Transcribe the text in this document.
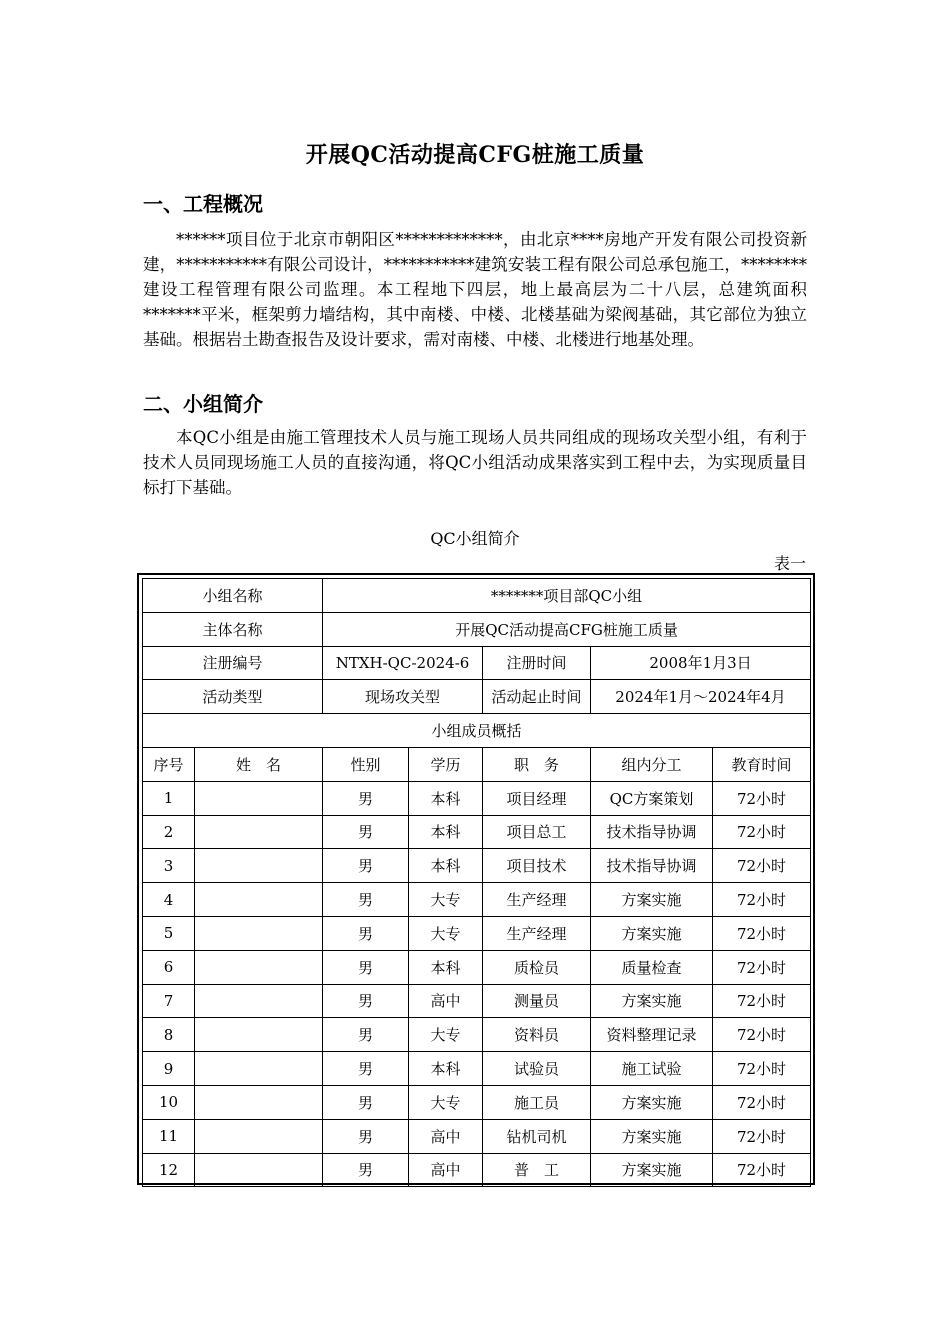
开展QC活动提高CFG桩施工质量
一、工程概况
******项目位于北京市朝阳区*************，由北京****房地产开发有限公司投资新建，***********有限公司设计，***********建筑安装工程有限公司总承包施工，********建设工程管理有限公司监理。本工程地下四层，地上最高层为二十八层，总建筑面积*******平米，框架剪力墙结构，其中南楼、中楼、北楼基础为梁阀基础，其它部位为独立基础。根据岩土勘查报告及设计要求，需对南楼、中楼、北楼进行地基处理。
二、小组简介
本QC小组是由施工管理技术人员与施工现场人员共同组成的现场攻关型小组，有利于技术人员同现场施工人员的直接沟通，将QC小组活动成果落实到工程中去，为实现质量目标打下基础。
QC小组简介
表一
小组名称		*******项目部QC小组				
主体名称		开展QC活动提高CFG桩施工质量				
注册编号		NTXH-QC-2024-6		注册时间	2008年1月3日	
活动类型		现场攻关型		活动起止时间	2024年1月～2024年4月	
小组成员概括						
序号	姓　名	性别	学历	职　务	组内分工	教育时间
1		男	本科	项目经理	QC方案策划	72小时
2		男	本科	项目总工	技术指导协调	72小时
3		男	本科	项目技术	技术指导协调	72小时
4		男	大专	生产经理	方案实施	72小时
5		男	大专	生产经理	方案实施	72小时
6		男	本科	质检员	质量检查	72小时
7		男	高中	测量员	方案实施	72小时
8		男	大专	资料员	资料整理记录	72小时
9		男	本科	试验员	施工试验	72小时
10		男	大专	施工员	方案实施	72小时
11		男	高中	钻机司机	方案实施	72小时
12		男	高中	普　工	方案实施	72小时
